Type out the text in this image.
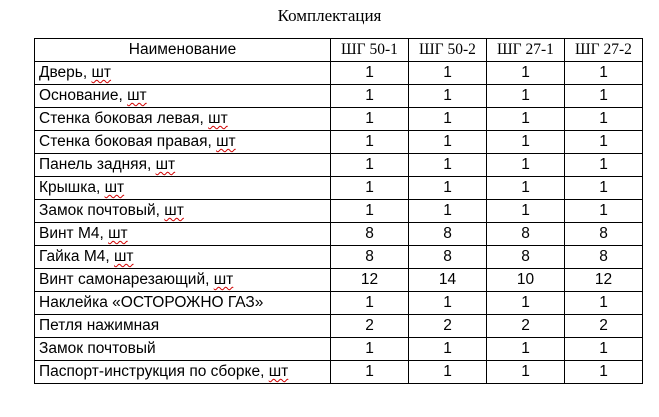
Комплектация
Наименование	ШГ 50-1	ШГ 50-2	ШГ 27-1	ШГ 27-2
Дверь, шт	1	1	1	1
Основание, шт	1	1	1	1
Стенка боковая левая, шт	1	1	1	1
Стенка боковая правая, шт	1	1	1	1
Панель задняя, шт	1	1	1	1
Крышка, шт	1	1	1	1
Замок почтовый, шт	1	1	1	1
Винт М4, шт	8	8	8	8
Гайка М4, шт	8	8	8	8
Винт самонарезающий, шт	12	14	10	12
Наклейка «ОСТОРОЖНО ГАЗ»	1	1	1	1
Петля нажимная	2	2	2	2
Замок почтовый	1	1	1	1
Паспорт-инструкция по сборке, шт	1	1	1	1
